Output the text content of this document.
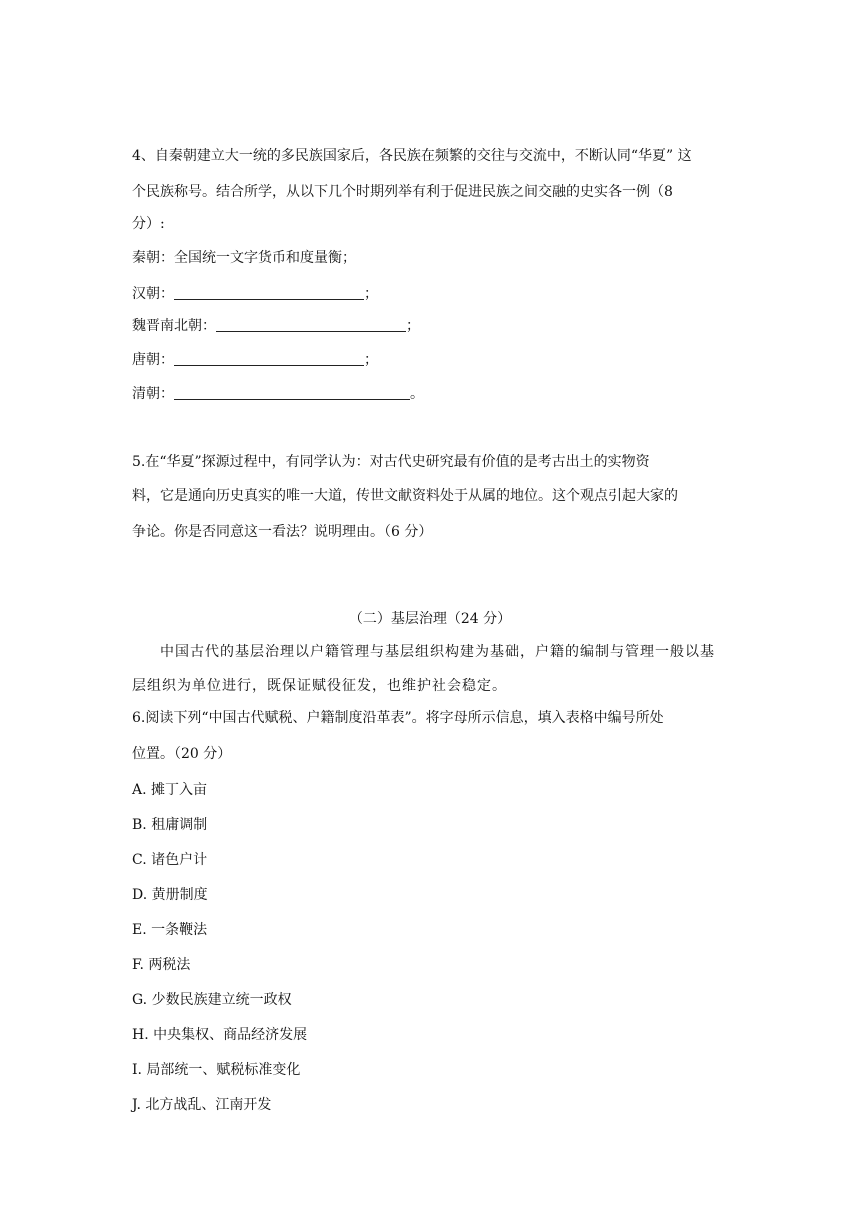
4、自秦朝建立大一统的多民族国家后，各民族在频繁的交往与交流中，不断认同“华夏” 这
个民族称号。结合所学，从以下几个时期列举有利于促进民族之间交融的史实各一例（8
分）:
秦朝：全国统一文字货币和度量衡；
汉朝：	；
魏晋南北朝：	；
唐朝：	；
清朝：	。
5.在“华夏”探源过程中，有同学认为：对古代史研究最有价值的是考古出土的实物资
料，它是通向历史真实的唯一大道，传世文献资料处于从属的地位。这个观点引起大家的
争论。你是否同意这一看法？说明理由。（6 分）
（二）基层治理（24 分）
中国古代的基层治理以户籍管理与基层组织构建为基础，户籍的编制与管理一般以基
层组织为单位进行，既保证赋役征发，也维护社会稳定。
6.阅读下列“中国古代赋税、户籍制度沿革表”。将字母所示信息，填入表格中编号所处
位置。（20 分）
A. 摊丁入亩
B. 租庸调制
C. 诸色户计
D. 黄册制度
E. 一条鞭法
F. 两税法
G. 少数民族建立统一政权
H. 中央集权、商品经济发展
I. 局部统一、赋税标准变化
J. 北方战乱、江南开发
